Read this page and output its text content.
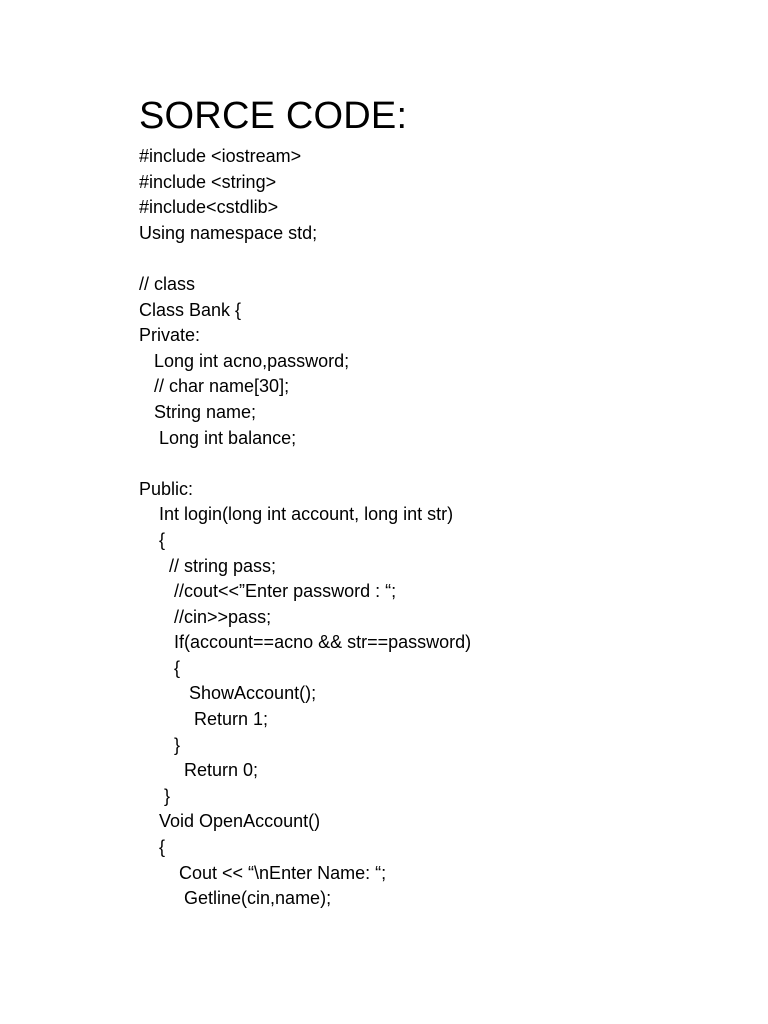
SORCE CODE:
#include <iostream>
#include <string>
#include<cstdlib>
Using namespace std;
// class
Class Bank {
Private:
Long int acno,password;
// char name[30];
String name;
Long int balance;
Public:
Int login(long int account, long int str)
{
// string pass;
//cout<<”Enter password : “;
//cin>>pass;
If(account==acno && str==password)
{
ShowAccount();
Return 1;
}
Return 0;
}
Void OpenAccount()
{
Cout << “\nEnter Name: “;
Getline(cin,name);
